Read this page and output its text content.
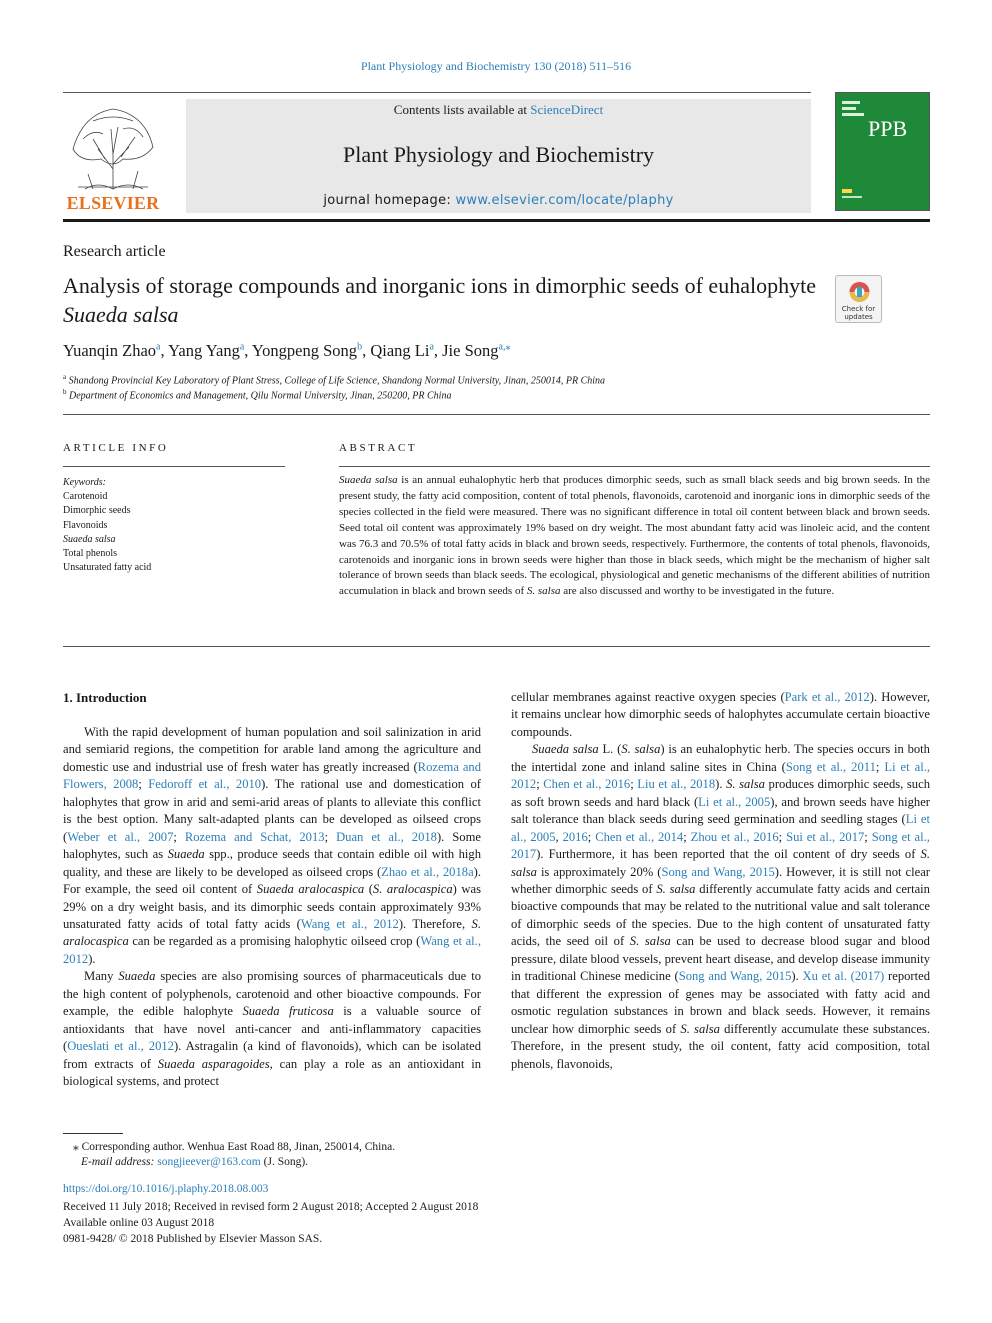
Plant Physiology and Biochemistry 130 (2018) 511–516
ELSEVIER
Contents lists available at ScienceDirect
Plant Physiology and Biochemistry
journal homepage: www.elsevier.com/locate/plaphy
PPB
Research article
Analysis of storage compounds and inorganic ions in dimorphic seeds of euhalophyte Suaeda salsa	Check for updates
Yuanqin Zhao$^a$, Yang Yang$^a$, Yongpeng Song$^b$, Qiang Li$^a$, Jie Song$^{a,⁎}$
$^a$ Shandong Provincial Key Laboratory of Plant Stress, College of Life Science, Shandong Normal University, Jinan, 250014, PR China
$^b$ Department of Economics and Management, Qilu Normal University, Jinan, 250200, PR China
ARTICLE INFO
Keywords:
Carotenoid
Dimorphic seeds
Flavonoids
Suaeda salsa
Total phenols
Unsaturated fatty acid
ABSTRACT
Suaeda salsa is an annual euhalophytic herb that produces dimorphic seeds, such as small black seeds and big brown seeds. In the present study, the fatty acid composition, content of total phenols, flavonoids, carotenoid and inorganic ions in dimorphic seeds of the species collected in the field were measured. There was no significant difference in total oil content between black and brown seeds. Seed total oil content was approximately 19% based on dry weight. The most abundant fatty acid was linoleic acid, and the content was 76.3 and 70.5% of total fatty acids in black and brown seeds, respectively. Furthermore, the contents of total phenols, flavonoids, carotenoids and inorganic ions in brown seeds were higher than those in black seeds, which might be the mechanism of higher salt tolerance of brown seeds than black seeds. The ecological, physiological and genetic mechanisms of the different abilities of nutrition accumulation in black and brown seeds of S. salsa are also discussed and worthy to be investigated in the future.
1. Introduction

With the rapid development of human population and soil salinization in arid and semiarid regions, the competition for arable land among the agriculture and domestic use and industrial use of fresh water has greatly increased (Rozema and Flowers, 2008; Fedoroff et al., 2010). The rational use and domestication of halophytes that grow in arid and semi-arid areas of plants to alleviate this conflict is the best option. Many salt-adapted plants can be developed as oilseed crops (Weber et al., 2007; Rozema and Schat, 2013; Duan et al., 2018). Some halophytes, such as Suaeda spp., produce seeds that contain edible oil with high quality, and these are likely to be developed as oilseed crops (Zhao et al., 2018a). For example, the seed oil content of Suaeda aralocaspica (S. aralocaspica) was 29% on a dry weight basis, and its dimorphic seeds contain approximately 93% unsaturated fatty acids of total fatty acids (Wang et al., 2012). Therefore, S. aralocaspica can be regarded as a promising halophytic oilseed crop (Wang et al., 2012).

Many Suaeda species are also promising sources of pharmaceuticals due to the high content of polyphenols, carotenoid and other bioactive compounds. For example, the edible halophyte Suaeda fruticosa is a valuable source of antioxidants that have novel anti-cancer and anti-inflammatory capacities (Oueslati et al., 2012). Astragalin (a kind of flavonoids), which can be isolated from extracts of Suaeda asparagoides, can play a role as an antioxidant in biological systems, and protect

cellular membranes against reactive oxygen species (Park et al., 2012). However, it remains unclear how dimorphic seeds of halophytes accumulate certain bioactive compounds.

Suaeda salsa L. (S. salsa) is an euhalophytic herb. The species occurs in both the intertidal zone and inland saline sites in China (Song et al., 2011; Li et al., 2012; Chen et al., 2016; Liu et al., 2018). S. salsa produces dimorphic seeds, such as soft brown seeds and hard black (Li et al., 2005), and brown seeds have higher salt tolerance than black seeds during seed germination and seedling stages (Li et al., 2005, 2016; Chen et al., 2014; Zhou et al., 2016; Sui et al., 2017; Song et al., 2017). Furthermore, it has been reported that the oil content of dry seeds of S. salsa is approximately 20% (Song and Wang, 2015). However, it is still not clear whether dimorphic seeds of S. salsa differently accumulate fatty acids and certain bioactive compounds that may be related to the nutritional value and salt tolerance of dimorphic seeds of the species. Due to the high content of unsaturated fatty acids, the seed oil of S. salsa can be used to decrease blood sugar and blood pressure, dilate blood vessels, prevent heart disease, and develop disease immunity in traditional Chinese medicine (Song and Wang, 2015). Xu et al. (2017) reported that different the expression of genes may be associated with fatty acid and osmotic regulation substances in brown and black seeds. However, it remains unclear how dimorphic seeds of S. salsa differently accumulate these substances. Therefore, in the present study, the oil content, fatty acid composition, total phenols, flavonoids,

⁎ Corresponding author. Wenhua East Road 88, Jinan, 250014, China.
E-mail address: songjieever@163.com (J. Song).
https://doi.org/10.1016/j.plaphy.2018.08.003
Received 11 July 2018; Received in revised form 2 August 2018; Accepted 2 August 2018
Available online 03 August 2018
0981-9428/ © 2018 Published by Elsevier Masson SAS.
